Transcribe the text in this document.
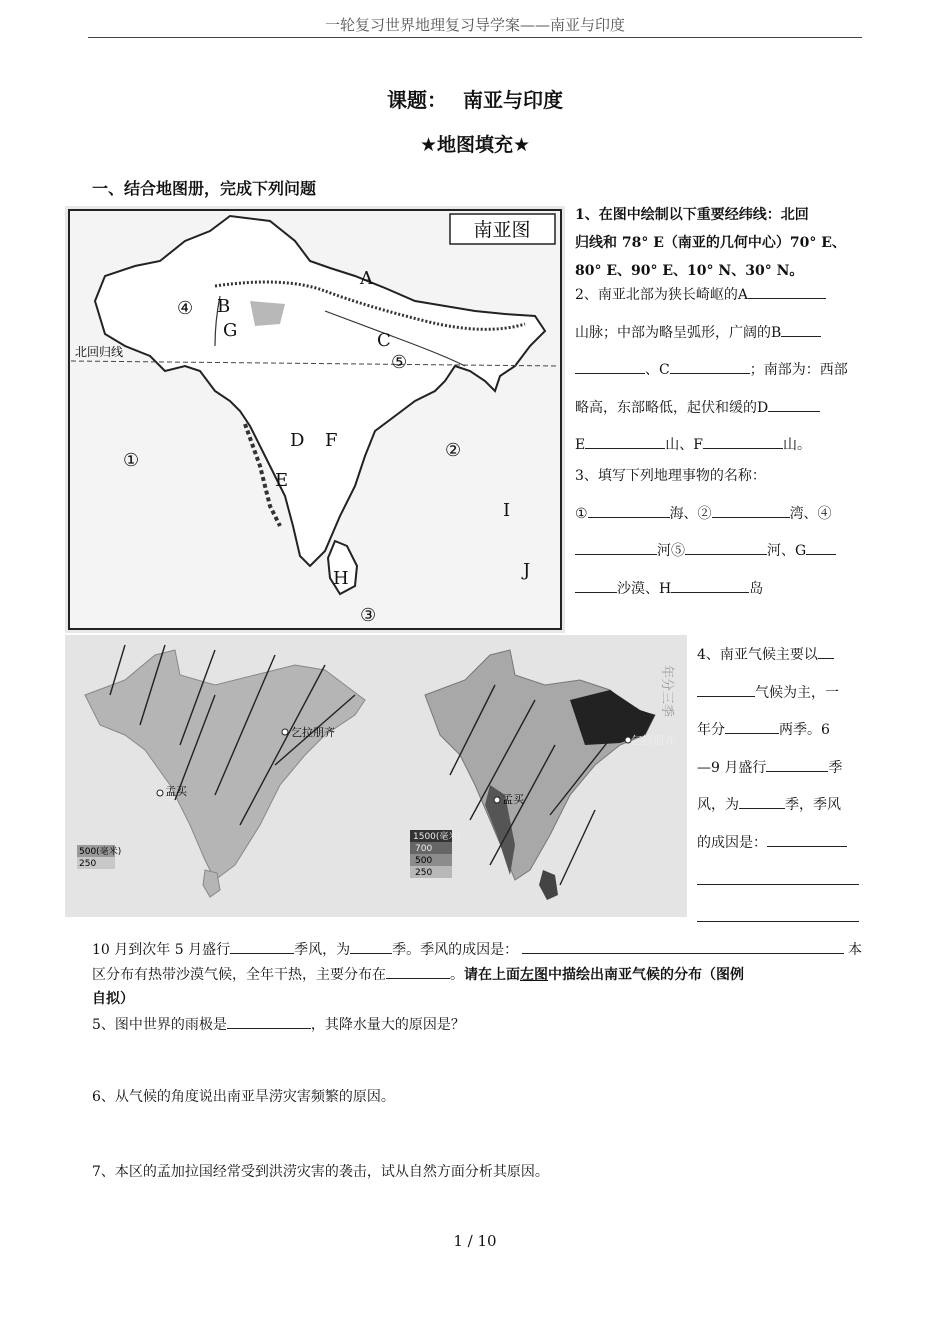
一轮复习世界地理复习导学案——南亚与印度
课题： 南亚与印度
★地图填充★
一、结合地图册，完成下列问题
南亚图
北回归线
A
B
C
D
E
F
G
H
I
J
①	②
③
④
⑤
乞拉朋齐
孟买
500(毫米)
250
乞拉朋齐
孟买
1500(毫米)
700
500
250
年分三季
1、在图中绘制以下重要经纬线：北回
归线和 78° E（南亚的几何中心）70° E、
80° E、90° E、10° N、30° N。
2、南亚北部为狭长崎岖的A
山脉；中部为略呈弧形，广阔的B
、C	；南部为：西部
略高，东部略低，起伏和缓的D
E	山、F	山。
3、填写下列地理事物的名称：
①	海、②	湾、④
河⑤	河、G
沙漠、H	岛
4、南亚气候主要以
气候为主，一
年分	两季。6
—9 月盛行	季
风，为	季，季风
的成因是：
10 月到次年 5 月盛行	季风，为	季。季风的成因是：	本
区分布有热带沙漠气候，全年干热，主要分布在	。请在上面左图中描绘出南亚气候的分布（图例
自拟）
5、图中世界的雨极是	，其降水量大的原因是？
6、从气候的角度说出南亚旱涝灾害频繁的原因。
7、本区的孟加拉国经常受到洪涝灾害的袭击，试从自然方面分析其原因。
1 / 10
